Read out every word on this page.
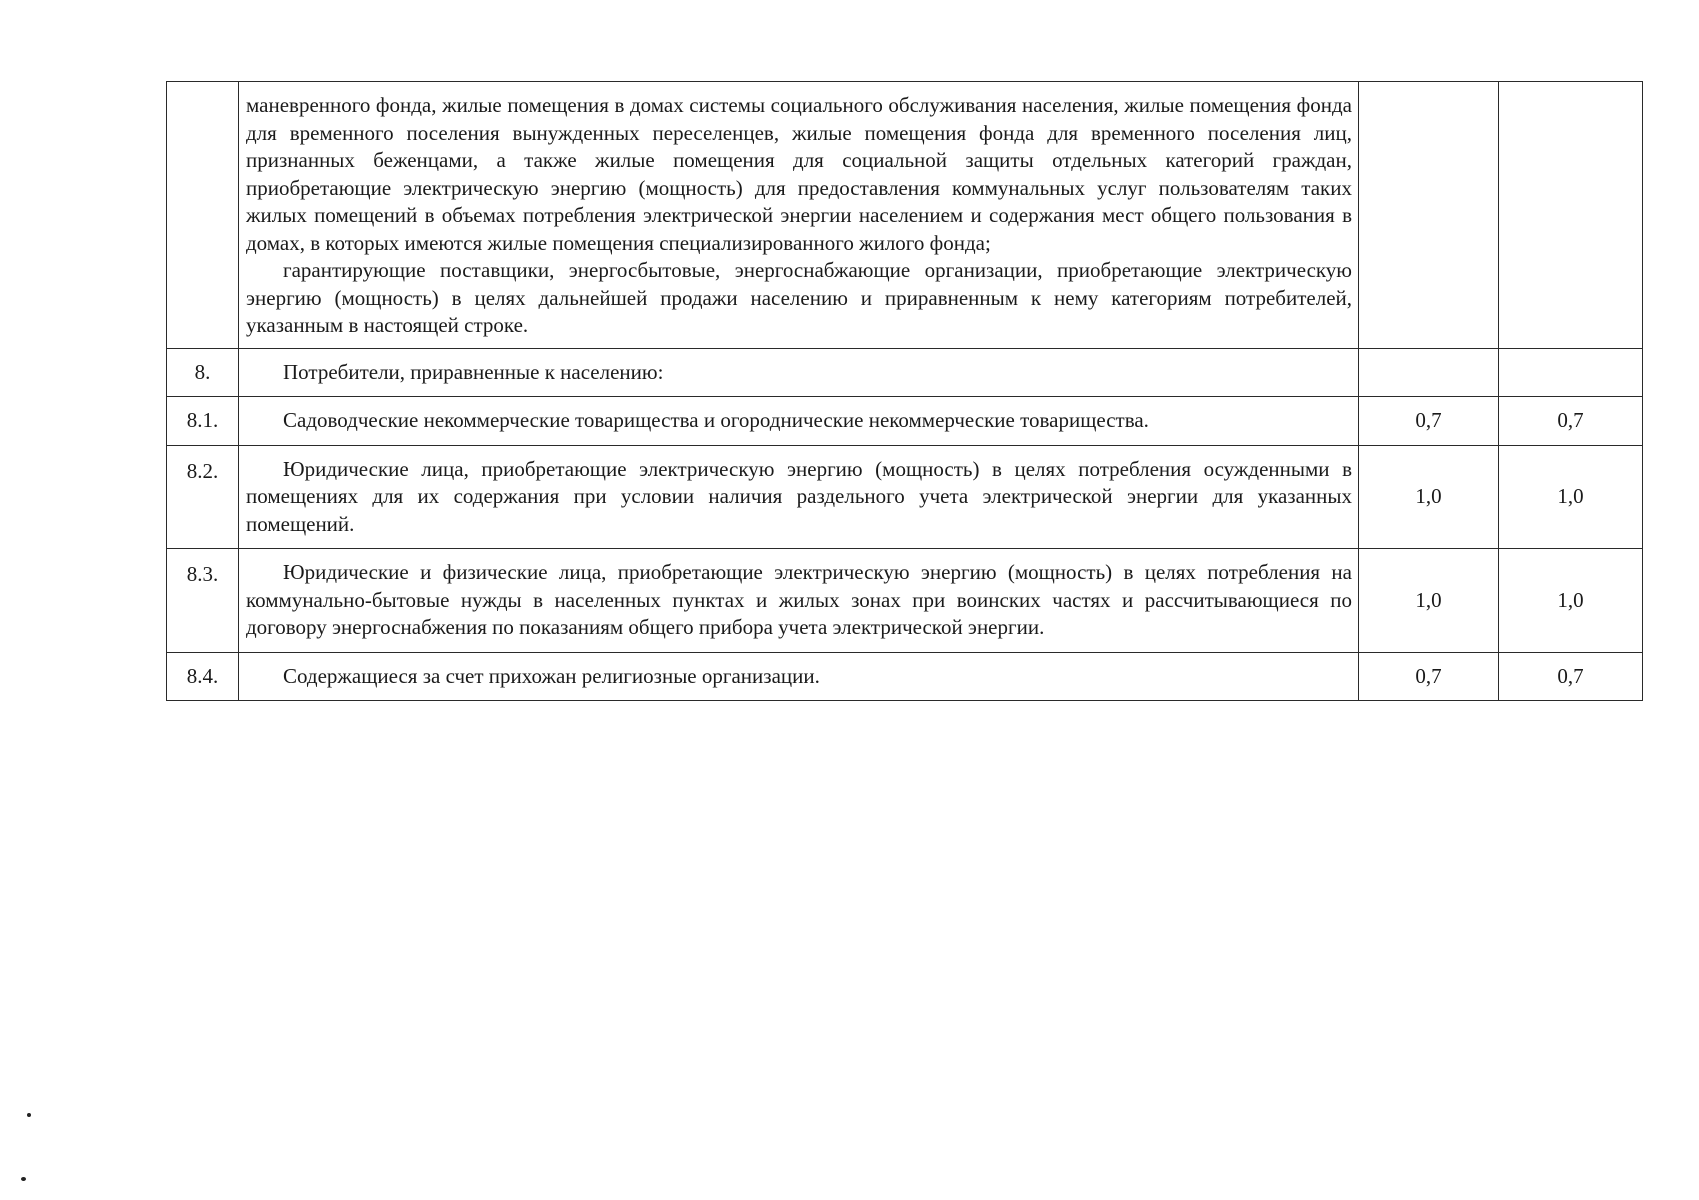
	маневренного фонда, жилые помещения в домах системы социального обслуживания населения, жилые помещения фонда для временного поселения вынужденных переселенцев, жилые помещения фонда для временного поселения лиц, признанных беженцами, а также жилые помещения для социальной защиты отдельных категорий граждан, приобретающие электрическую энергию (мощность) для предоставления коммунальных услуг пользователям таких жилых помещений в объемах потребления электрической энергии населением и содержания мест общего пользования в домах, в которых имеются жилые помещения специализированного жилого фонда;

гарантирующие поставщики, энергосбытовые, энергоснабжающие организации, приобретающие электрическую энергию (мощность) в целях дальнейшей продажи населению и приравненным к нему категориям потребителей, указанным в настоящей строке.		

8.	Потребители, приравненные к населению:		

8.1.	Садоводческие некоммерческие товарищества и огороднические некоммерческие товарищества.	0,7	0,7
8.2.	Юридические лица, приобретающие электрическую энергию (мощность) в целях потребления осужденными в помещениях для их содержания при условии наличия раздельного учета электрической энергии для указанных помещений.	1,0	1,0
8.3.	Юридические и физические лица, приобретающие электрическую энергию (мощность) в целях потребления на коммунально-бытовые нужды в населенных пунктах и жилых зонах при воинских частях и рассчитывающиеся по договору энергоснабжения по показаниям общего прибора учета электрической энергии.	1,0	1,0
8.4.	Содержащиеся за счет прихожан религиозные организации.	0,7	0,7
